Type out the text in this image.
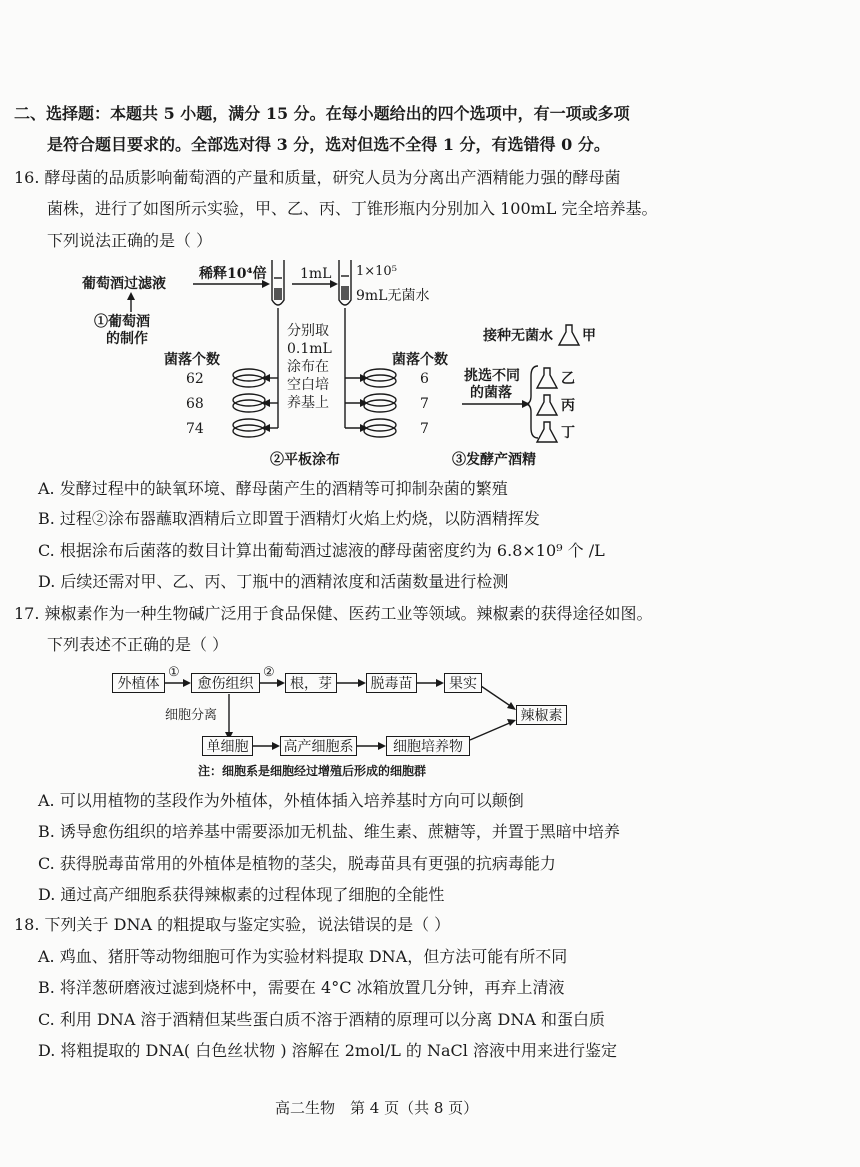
二、选择题：本题共 5 小题，满分 15 分。在每小题给出的四个选项中，有一项或多项
是符合题目要求的。全部选对得 3 分，选对但选不全得 1 分，有选错得 0 分。
16. 酵母菌的品质影响葡萄酒的产量和质量，研究人员为分离出产酒精能力强的酵母菌
菌株，进行了如图所示实验，甲、乙、丙、丁锥形瓶内分别加入 100mL 完全培养基。
下列说法正确的是（ ）
葡萄酒过滤液
稀释10⁴倍 1mL 1×10⁵
9mL无菌水
①葡萄酒
的制作	分别取
0.1mL
涂布在
空白培
养基上
菌落个数
62
68
74
菌落个数
6
7
7
接种无菌水 甲
挑选不同
的菌落
乙
丙
丁
②平板涂布	③发酵产酒精
A. 发酵过程中的缺氧环境、酵母菌产生的酒精等可抑制杂菌的繁殖
B. 过程②涂布器蘸取酒精后立即置于酒精灯火焰上灼烧，以防酒精挥发
C. 根据涂布后菌落的数目计算出葡萄酒过滤液的酵母菌密度约为 6.8×10⁹ 个 /L
D. 后续还需对甲、乙、丙、丁瓶中的酒精浓度和活菌数量进行检测
17. 辣椒素作为一种生物碱广泛用于食品保健、医药工业等领域。辣椒素的获得途径如图。
下列表述不正确的是（ ）
外植体
①
愈伤组织
②
根，芽	脱毒苗	果实
细胞分离	辣椒素
单细胞	高产细胞系	细胞培养物
注：细胞系是细胞经过增殖后形成的细胞群
A. 可以用植物的茎段作为外植体，外植体插入培养基时方向可以颠倒
B. 诱导愈伤组织的培养基中需要添加无机盐、维生素、蔗糖等，并置于黑暗中培养
C. 获得脱毒苗常用的外植体是植物的茎尖，脱毒苗具有更强的抗病毒能力
D. 通过高产细胞系获得辣椒素的过程体现了细胞的全能性
18. 下列关于 DNA 的粗提取与鉴定实验，说法错误的是（ ）
A. 鸡血、猪肝等动物细胞可作为实验材料提取 DNA，但方法可能有所不同
B. 将洋葱研磨液过滤到烧杯中，需要在 4°C 冰箱放置几分钟，再弃上清液
C. 利用 DNA 溶于酒精但某些蛋白质不溶于酒精的原理可以分离 DNA 和蛋白质
D. 将粗提取的 DNA( 白色丝状物 ) 溶解在 2mol/L 的 NaCl 溶液中用来进行鉴定
高二生物　第 4 页（共 8 页）
